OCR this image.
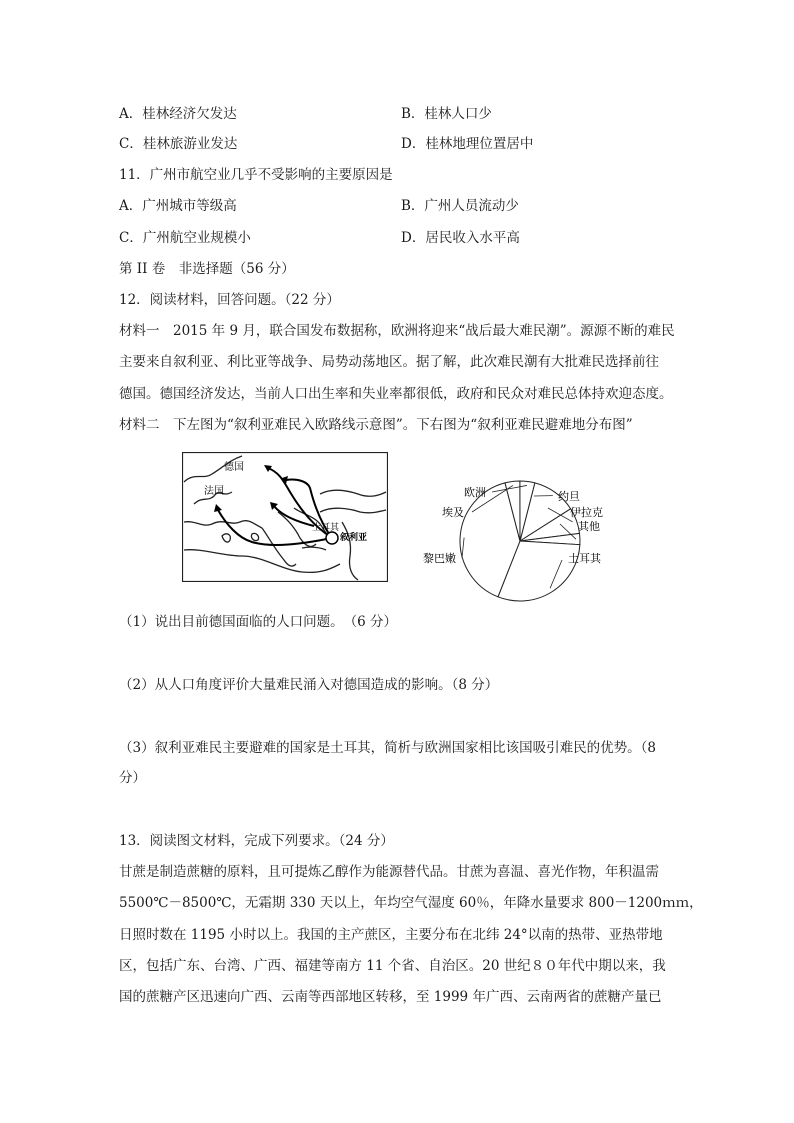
A．桂林经济欠发达	B．桂林人口少
C．桂林旅游业发达	D．桂林地理位置居中
11．广州市航空业几乎不受影响的主要原因是
A．广州城市等级高	B．广州人员流动少
C．广州航空业规模小	D．居民收入水平高
第 II 卷　非选择题（56 分）
12．阅读材料，回答问题。（22 分）
材料一　2015 年 9 月，联合国发布数据称，欧洲将迎来“战后最大难民潮”。源源不断的难民
主要来自叙利亚、利比亚等战争、局势动荡地区。据了解，此次难民潮有大批难民选择前往
德国。德国经济发达，当前人口出生率和失业率都很低，政府和民众对难民总体持欢迎态度。
材料二　下左图为“叙利亚难民入欧路线示意图”。下右图为“叙利亚难民避难地分布图”
德国
法国
土耳其
叙利亚
约旦
伊拉克
其他
土耳其
黎巴嫩
埃及
欧洲
（1）说出目前德国面临的人口问题。　（6 分）
（2）从人口角度评价大量难民涌入对德国造成的影响。（8 分）
（3）叙利亚难民主要避难的国家是土耳其，简析与欧洲国家相比该国吸引难民的优势。（8
分）
13．阅读图文材料，完成下列要求。（24 分）
甘蔗是制造蔗糖的原料，且可提炼乙醇作为能源替代品。甘蔗为喜温、喜光作物，年积温需
5500℃－8500℃，无霜期 330 天以上，年均空气湿度 60％，年降水量要求 800－1200ｍｍ，
日照时数在 1195 小时以上。我国的主产蔗区，主要分布在北纬 24°以南的热带、亚热带地
区，包括广东、台湾、广西、福建等南方 11 个省、自治区。20 世纪８０年代中期以来，我
国的蔗糖产区迅速向广西、云南等西部地区转移，至 1999 年广西、云南两省的蔗糖产量已
